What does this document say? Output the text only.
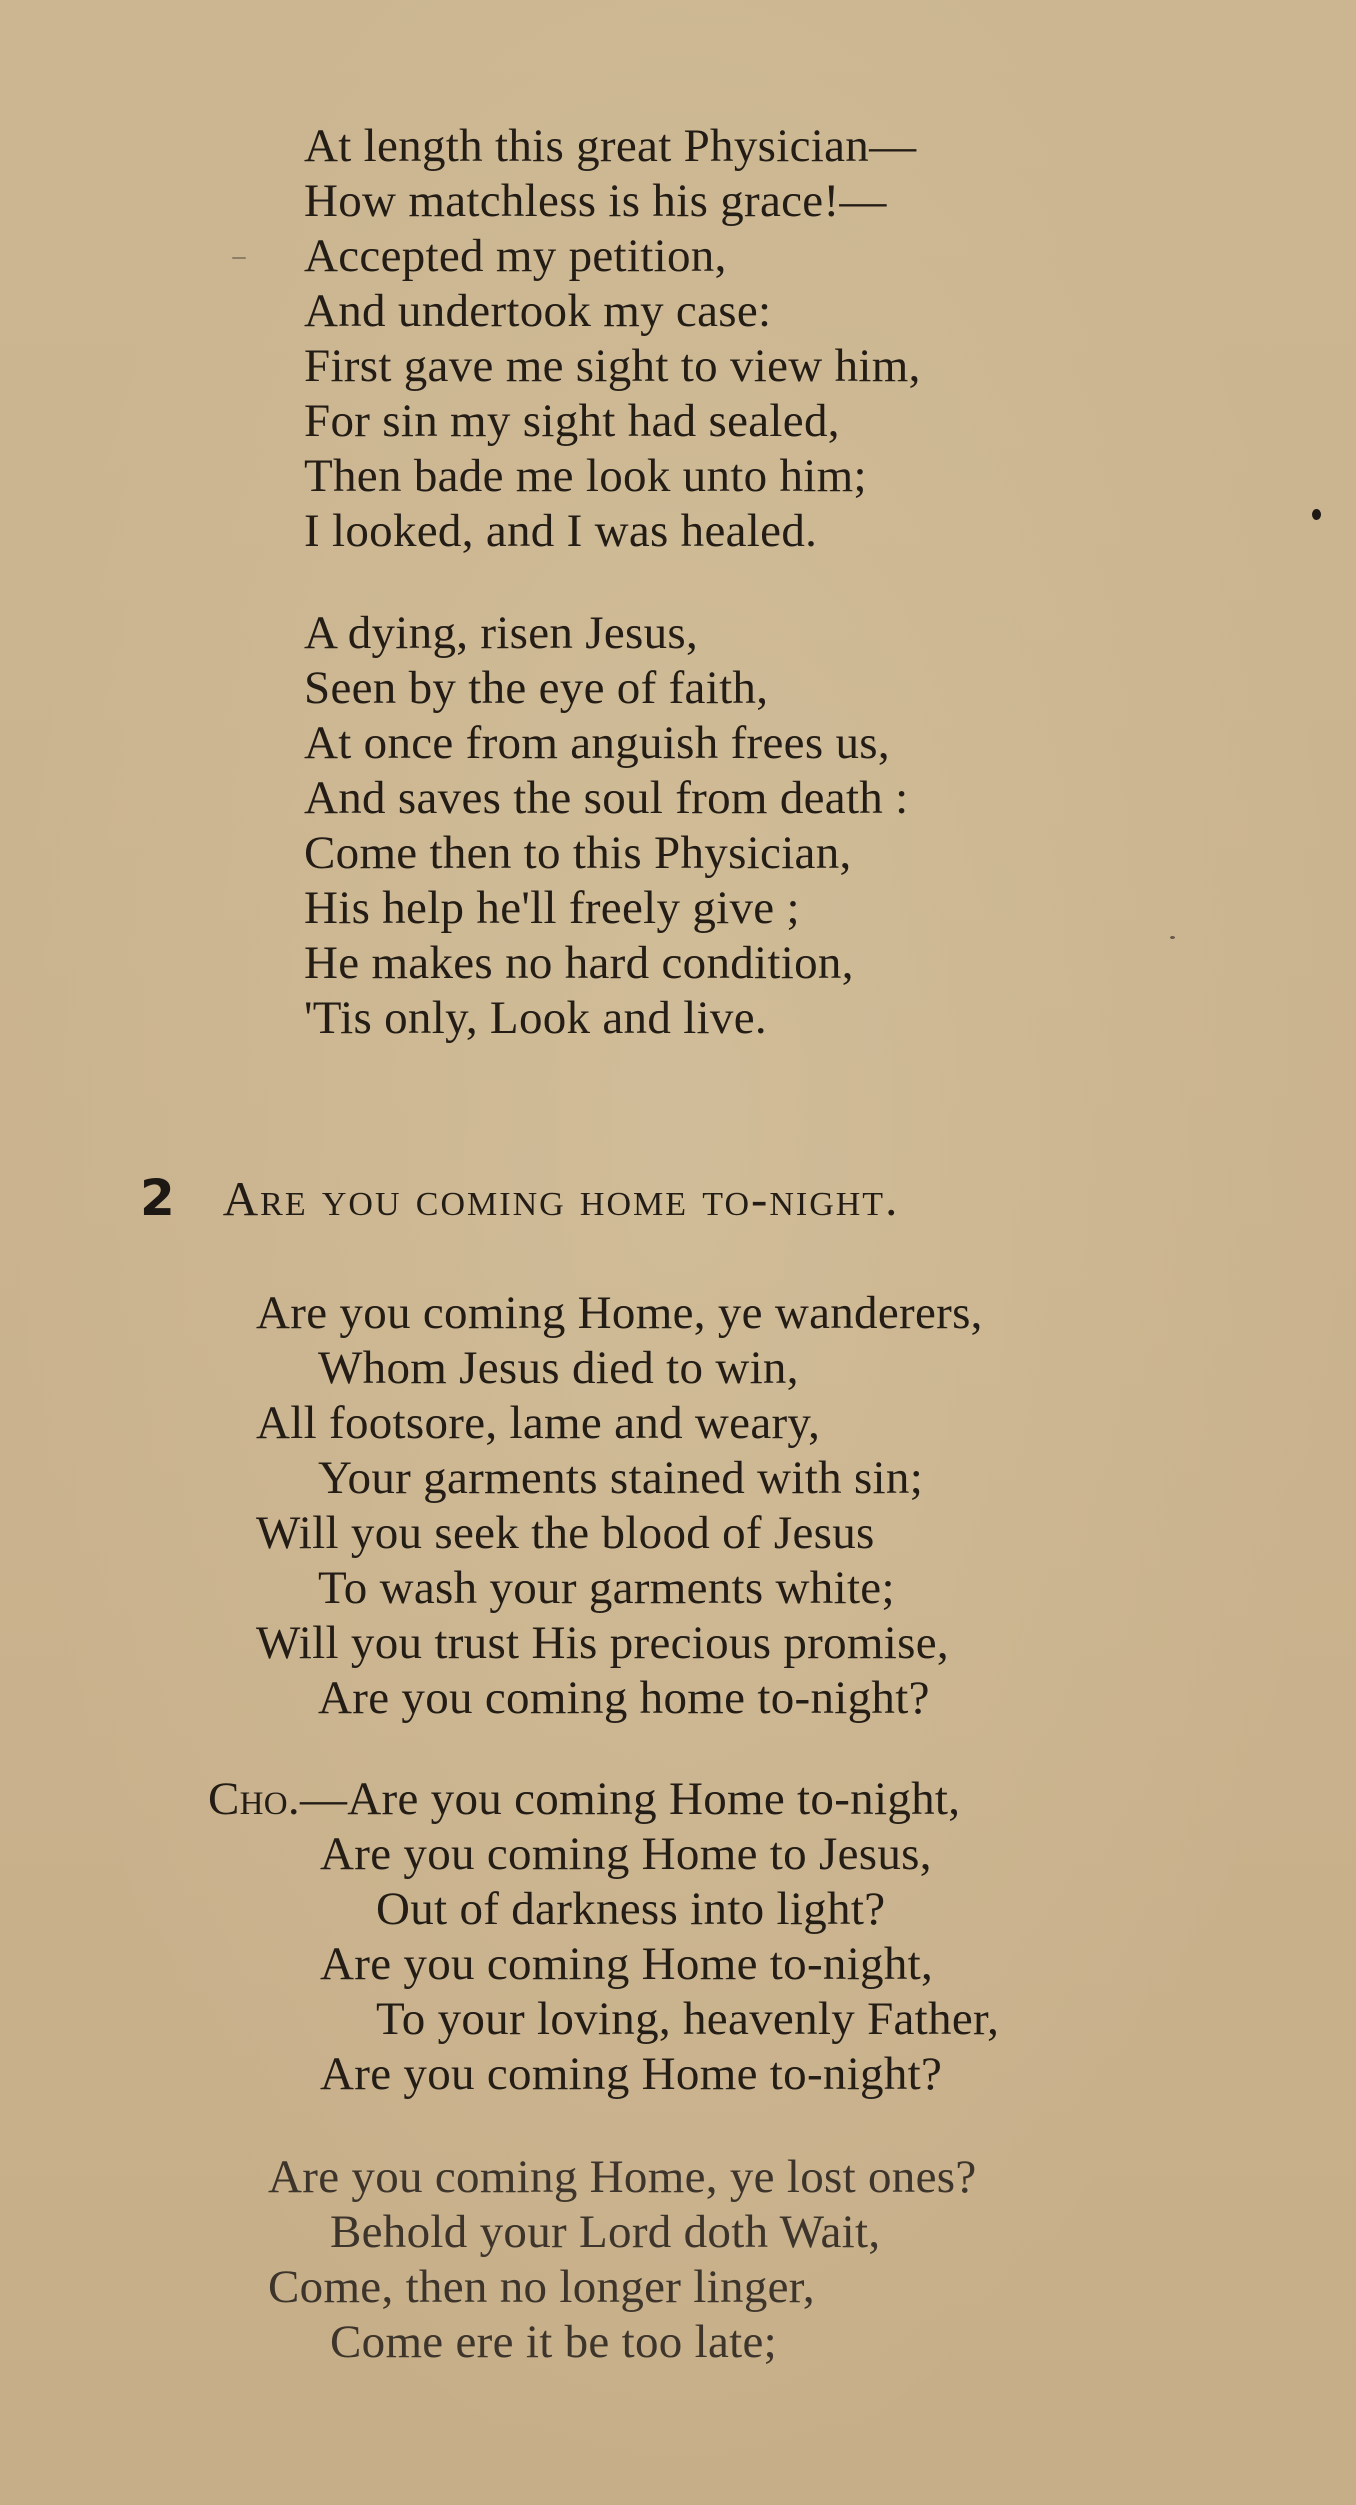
At length this great Physician—
How matchless is his grace!—
Accepted my petition,
And undertook my case:
First gave me sight to view him,
For sin my sight had sealed,
Then bade me look unto him;
I looked, and I was healed.
A dying, risen Jesus,
Seen by the eye of faith,
At once from anguish frees us,
And saves the soul from death :
Come then to this Physician,
His help he'll freely give ;
He makes no hard condition,
'Tis only, Look and live.
2 Are you coming home to-night.
Are you coming Home, ye wanderers,
Whom Jesus died to win,
All footsore, lame and weary,
Your garments stained with sin;
Will you seek the blood of Jesus
To wash your garments white;
Will you trust His precious promise,
Are you coming home to-night?
Cho.—Are you coming Home to-night,
Are you coming Home to Jesus,
Out of darkness into light?
Are you coming Home to-night,
To your loving, heavenly Father,
Are you coming Home to-night?
Are you coming Home, ye lost ones?
Behold your Lord doth Wait,
Come, then no longer linger,
Come ere it be too late;
